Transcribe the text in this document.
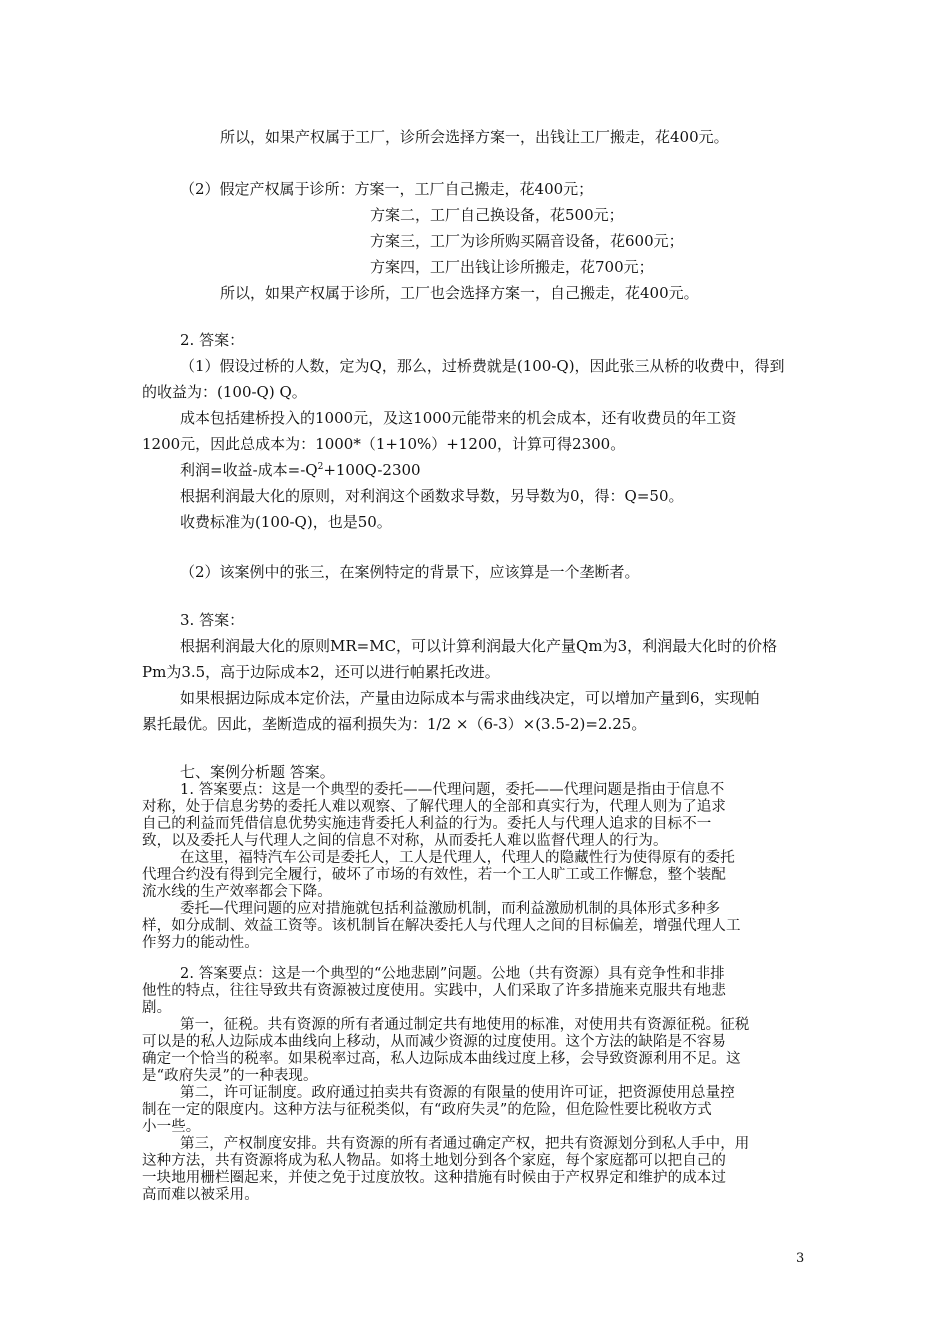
所以，如果产权属于工厂，诊所会选择方案一，出钱让工厂搬走，花400元。
（2）假定产权属于诊所：方案一，工厂自己搬走，花400元；
方案二，工厂自己换设备，花500元；
方案三，工厂为诊所购买隔音设备，花600元；
方案四，工厂出钱让诊所搬走，花700元；
所以，如果产权属于诊所，工厂也会选择方案一，自己搬走，花400元。
2. 答案：
（1）假设过桥的人数，定为Q，那么，过桥费就是(100-Q)，因此张三从桥的收费中，得到
的收益为：(100-Q) Q。
成本包括建桥投入的1000元，及这1000元能带来的机会成本，还有收费员的年工资
1200元，因此总成本为：1000*（1+10%）+1200，计算可得2300。
利润=收益-成本$=-Q^2+100Q-2300$
根据利润最大化的原则，对利润这个函数求导数，另导数为0，得：Q=50。
收费标准为(100-Q)，也是50。
（2）该案例中的张三，在案例特定的背景下，应该算是一个垄断者。
3. 答案：
根据利润最大化的原则MR=MC，可以计算利润最大化产量Qm为3，利润最大化时的价格
Pm为3.5，高于边际成本2，还可以进行帕累托改进。
如果根据边际成本定价法，产量由边际成本与需求曲线决定，可以增加产量到6，实现帕
累托最优。因此，垄断造成的福利损失为：1/2 ×（6-3）×(3.5-2)=2.25。
七、案例分析题 答案。
1. 答案要点：这是一个典型的委托——代理问题，委托——代理问题是指由于信息不
对称，处于信息劣势的委托人难以观察、了解代理人的全部和真实行为，代理人则为了追求
自己的利益而凭借信息优势实施违背委托人利益的行为。委托人与代理人追求的目标不一
致，以及委托人与代理人之间的信息不对称，从而委托人难以监督代理人的行为。
在这里，福特汽车公司是委托人，工人是代理人，代理人的隐藏性行为使得原有的委托
代理合约没有得到完全履行，破坏了市场的有效性，若一个工人旷工或工作懈怠，整个装配
流水线的生产效率都会下降。
委托—代理问题的应对措施就包括利益激励机制，而利益激励机制的具体形式多种多
样，如分成制、效益工资等。该机制旨在解决委托人与代理人之间的目标偏差，增强代理人工
作努力的能动性。
2. 答案要点：这是一个典型的“公地悲剧”问题。公地（共有资源）具有竞争性和非排
他性的特点，往往导致共有资源被过度使用。实践中，人们采取了许多措施来克服共有地悲
剧。
第一，征税。共有资源的所有者通过制定共有地使用的标准，对使用共有资源征税。征税
可以是的私人边际成本曲线向上移动，从而减少资源的过度使用。这个方法的缺陷是不容易
确定一个恰当的税率。如果税率过高，私人边际成本曲线过度上移，会导致资源利用不足。这
是“政府失灵”的一种表现。
第二，许可证制度。政府通过拍卖共有资源的有限量的使用许可证，把资源使用总量控
制在一定的限度内。这种方法与征税类似，有“政府失灵”的危险，但危险性要比税收方式
小一些。
第三，产权制度安排。共有资源的所有者通过确定产权，把共有资源划分到私人手中，用
这种方法，共有资源将成为私人物品。如将土地划分到各个家庭，每个家庭都可以把自己的
一块地用栅栏圈起来，并使之免于过度放牧。这种措施有时候由于产权界定和维护的成本过
高而难以被采用。
3
